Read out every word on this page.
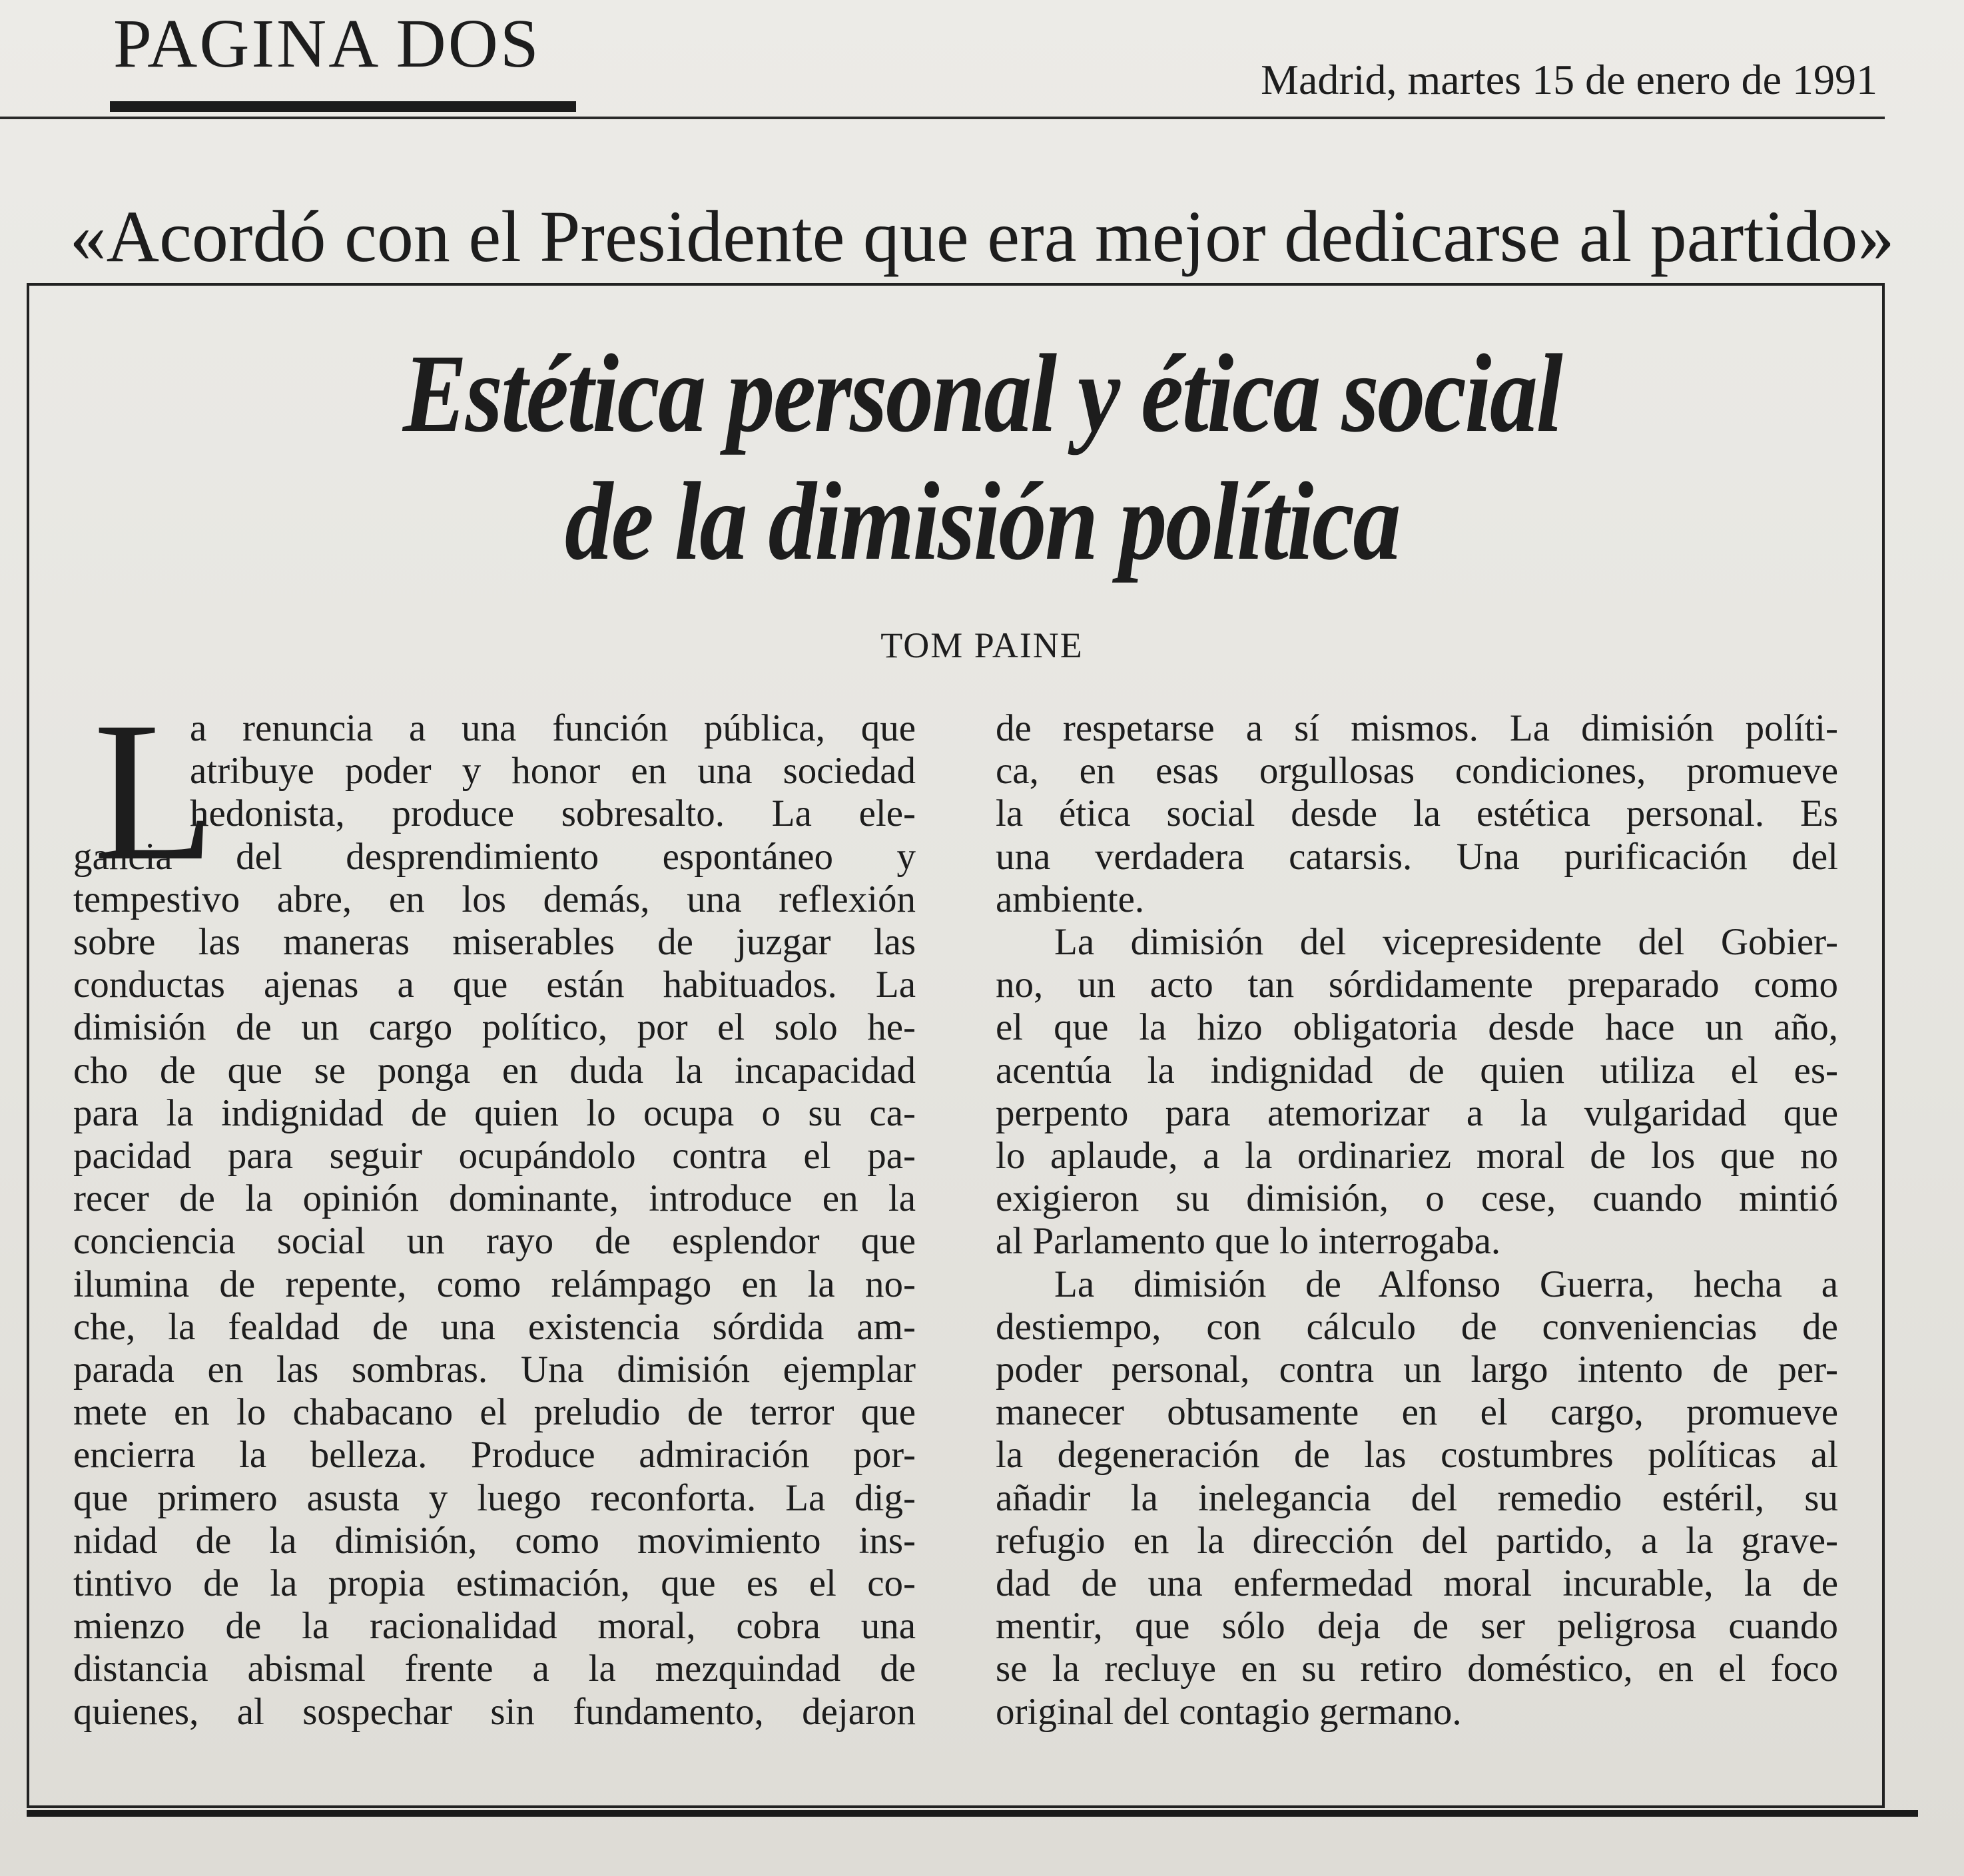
PAGINA DOS	Madrid, martes 15 de enero de 1991
«Acordó con el Presidente que era mejor dedicarse al partido»
Estética personal y ética social
de la dimisión política
TOM PAINE
L
a renuncia a una función pública, que
atribuye poder y honor en una sociedad
hedonista, produce sobresalto. La ele-
gancia del desprendimiento espontáneo y
tempestivo abre, en los demás, una reflexión
sobre las maneras miserables de juzgar las
conductas ajenas a que están habituados. La
dimisión de un cargo político, por el solo he-
cho de que se ponga en duda la incapacidad
para la indignidad de quien lo ocupa o su ca-
pacidad para seguir ocupándolo contra el pa-
recer de la opinión dominante, introduce en la
conciencia social un rayo de esplendor que
ilumina de repente, como relámpago en la no-
che, la fealdad de una existencia sórdida am-
parada en las sombras. Una dimisión ejemplar
mete en lo chabacano el preludio de terror que
encierra la belleza. Produce admiración por-
que primero asusta y luego reconforta. La dig-
nidad de la dimisión, como movimiento ins-
tintivo de la propia estimación, que es el co-
mienzo de la racionalidad moral, cobra una
distancia abismal frente a la mezquindad de
quienes, al sospechar sin fundamento, dejaron
de respetarse a sí mismos. La dimisión políti-
ca, en esas orgullosas condiciones, promueve
la ética social desde la estética personal. Es
una verdadera catarsis. Una purificación del
ambiente.
La dimisión del vicepresidente del Gobier-
no, un acto tan sórdidamente preparado como
el que la hizo obligatoria desde hace un año,
acentúa la indignidad de quien utiliza el es-
perpento para atemorizar a la vulgaridad que
lo aplaude, a la ordinariez moral de los que no
exigieron su dimisión, o cese, cuando mintió
al Parlamento que lo interrogaba.
La dimisión de Alfonso Guerra, hecha a
destiempo, con cálculo de conveniencias de
poder personal, contra un largo intento de per-
manecer obtusamente en el cargo, promueve
la degeneración de las costumbres políticas al
añadir la inelegancia del remedio estéril, su
refugio en la dirección del partido, a la grave-
dad de una enfermedad moral incurable, la de
mentir, que sólo deja de ser peligrosa cuando
se la recluye en su retiro doméstico, en el foco
original del contagio germano.
